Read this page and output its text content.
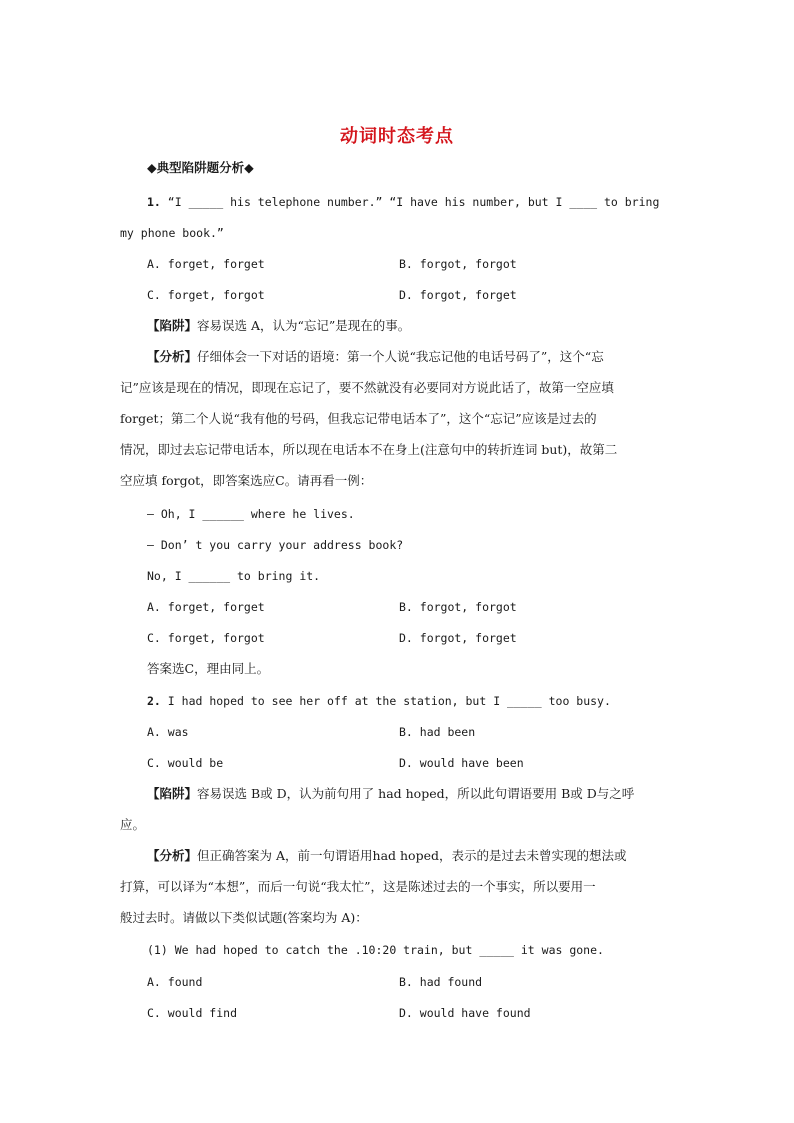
动词时态考点
◆典型陷阱题分析◆
1. “I _____ his telephone number.” “I have his number, but I ____ to bring
my phone book.”
A. forget, forget	B. forgot, forgot
C. forget, forgot	D. forgot, forget
【陷阱】容易误选 A，认为“忘记”是现在的事。
【分析】仔细体会一下对话的语境：第一个人说“我忘记他的电话号码了”，这个“忘
记”应该是现在的情况，即现在忘记了，要不然就没有必要同对方说此话了，故第一空应填
forget；第二个人说“我有他的号码，但我忘记带电话本了”，这个“忘记”应该是过去的
情况，即过去忘记带电话本，所以现在电话本不在身上(注意句中的转折连词 but)，故第二
空应填 forgot，即答案选应C。请再看一例：
— Oh, I ______ where he lives.
— Don’ t you carry your address book?
No, I ______ to bring it.
A. forget, forget	B. forgot, forgot
C. forget, forgot	D. forgot, forget
答案选C，理由同上。
2. I had hoped to see her off at the station, but I _____ too busy.
A. was	B. had been
C. would be	D. would have been
【陷阱】容易误选 B或 D，认为前句用了 had hoped，所以此句谓语要用 B或 D与之呼
应。
【分析】但正确答案为 A，前一句谓语用had hoped，表示的是过去未曾实现的想法或
打算，可以译为“本想”，而后一句说“我太忙”，这是陈述过去的一个事实，所以要用一
般过去时。请做以下类似试题(答案均为 A)：
(1) We had hoped to catch the .10:20 train, but _____ it was gone.
A. found	B. had found
C. would find	D. would have found
